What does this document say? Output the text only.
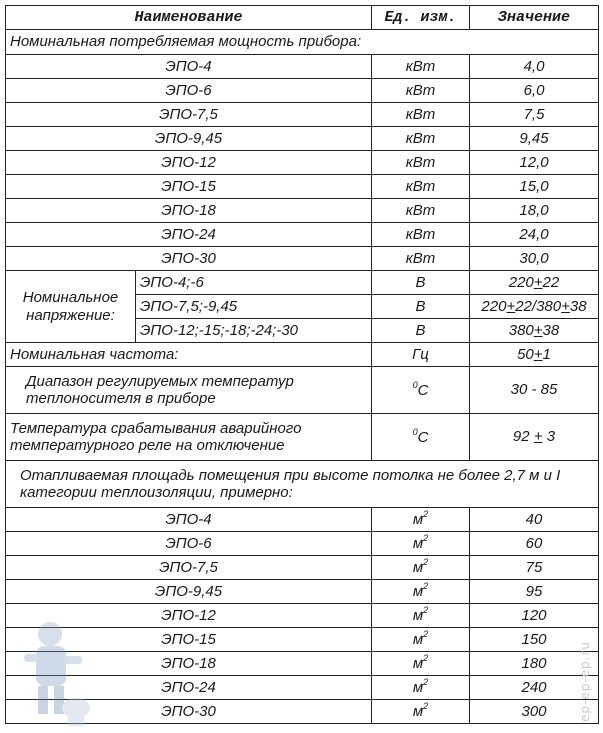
Наименование		Ед. изм.	Значение
Номинальная потребляемая мощность прибора:			
ЭПО-4		кВт	4,0
ЭПО-6		кВт	6,0
ЭПО-7,5		кВт	7,5
ЭПО-9,45		кВт	9,45
ЭПО-12		кВт	12,0
ЭПО-15		кВт	15,0
ЭПО-18		кВт	18,0
ЭПО-24		кВт	24,0
ЭПО-30		кВт	30,0
Номинальное напряжение:	ЭПО-4;-6	В	220+22
	ЭПО-7,5;-9,45	В	220+22/380+38
	ЭПО-12;-15;-18;-24;-30	В	380+38
Номинальная частота:		Гц	50+1
Диапазон регулируемых температур теплоносителя в приборе		$^0$С	30 - 85
Температура срабатывания аварийного температурного реле на отключение		$^0$С	92 + 3
Отапливаемая площадь помещения при высоте потолка не более 2,7 м и I категории теплоизоляции, примерно:			
ЭПО-4		$м^2$	40
ЭПО-6		$м^2$	60
ЭПО-7,5		$м^2$	75
ЭПО-9,45		$м^2$	95
ЭПО-12		$м^2$	120
ЭПО-15		$м^2$	150
ЭПО-18		$м^2$	180
ЭПО-24		$м^2$	240
ЭПО-30		$м^2$	300	ep-ep-ep.ru
